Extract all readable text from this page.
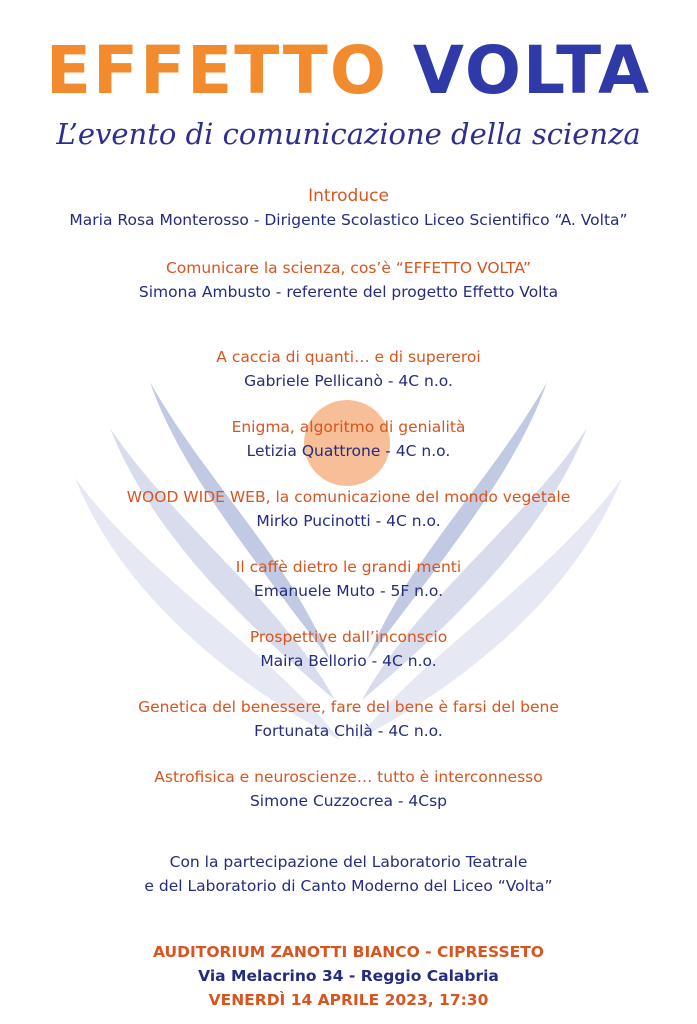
EFFETTO VOLTA
L’evento di comunicazione della scienza
Introduce
Maria Rosa Monterosso - Dirigente Scolastico Liceo Scientifico “A. Volta”
Comunicare la scienza, cos’è “EFFETTO VOLTA”
Simona Ambusto - referente del progetto Effetto Volta
A caccia di quanti… e di supereroi
Gabriele Pellicanò - 4C n.o.
Enigma, algoritmo di genialità
Letizia Quattrone - 4C n.o.
WOOD WIDE WEB, la comunicazione del mondo vegetale
Mirko Pucinotti - 4C n.o.
Il caffè dietro le grandi menti
Emanuele Muto - 5F n.o.
Prospettive dall’inconscio
Maira Bellorio - 4C n.o.
Genetica del benessere, fare del bene è farsi del bene
Fortunata Chilà - 4C n.o.
Astrofisica e neuroscienze… tutto è interconnesso
Simone Cuzzocrea - 4Csp
Con la partecipazione del Laboratorio Teatrale
e del Laboratorio di Canto Moderno del Liceo “Volta”
AUDITORIUM ZANOTTI BIANCO - CIPRESSETO
Via Melacrino 34 - Reggio Calabria
VENERDÌ 14 APRILE 2023, 17:30
